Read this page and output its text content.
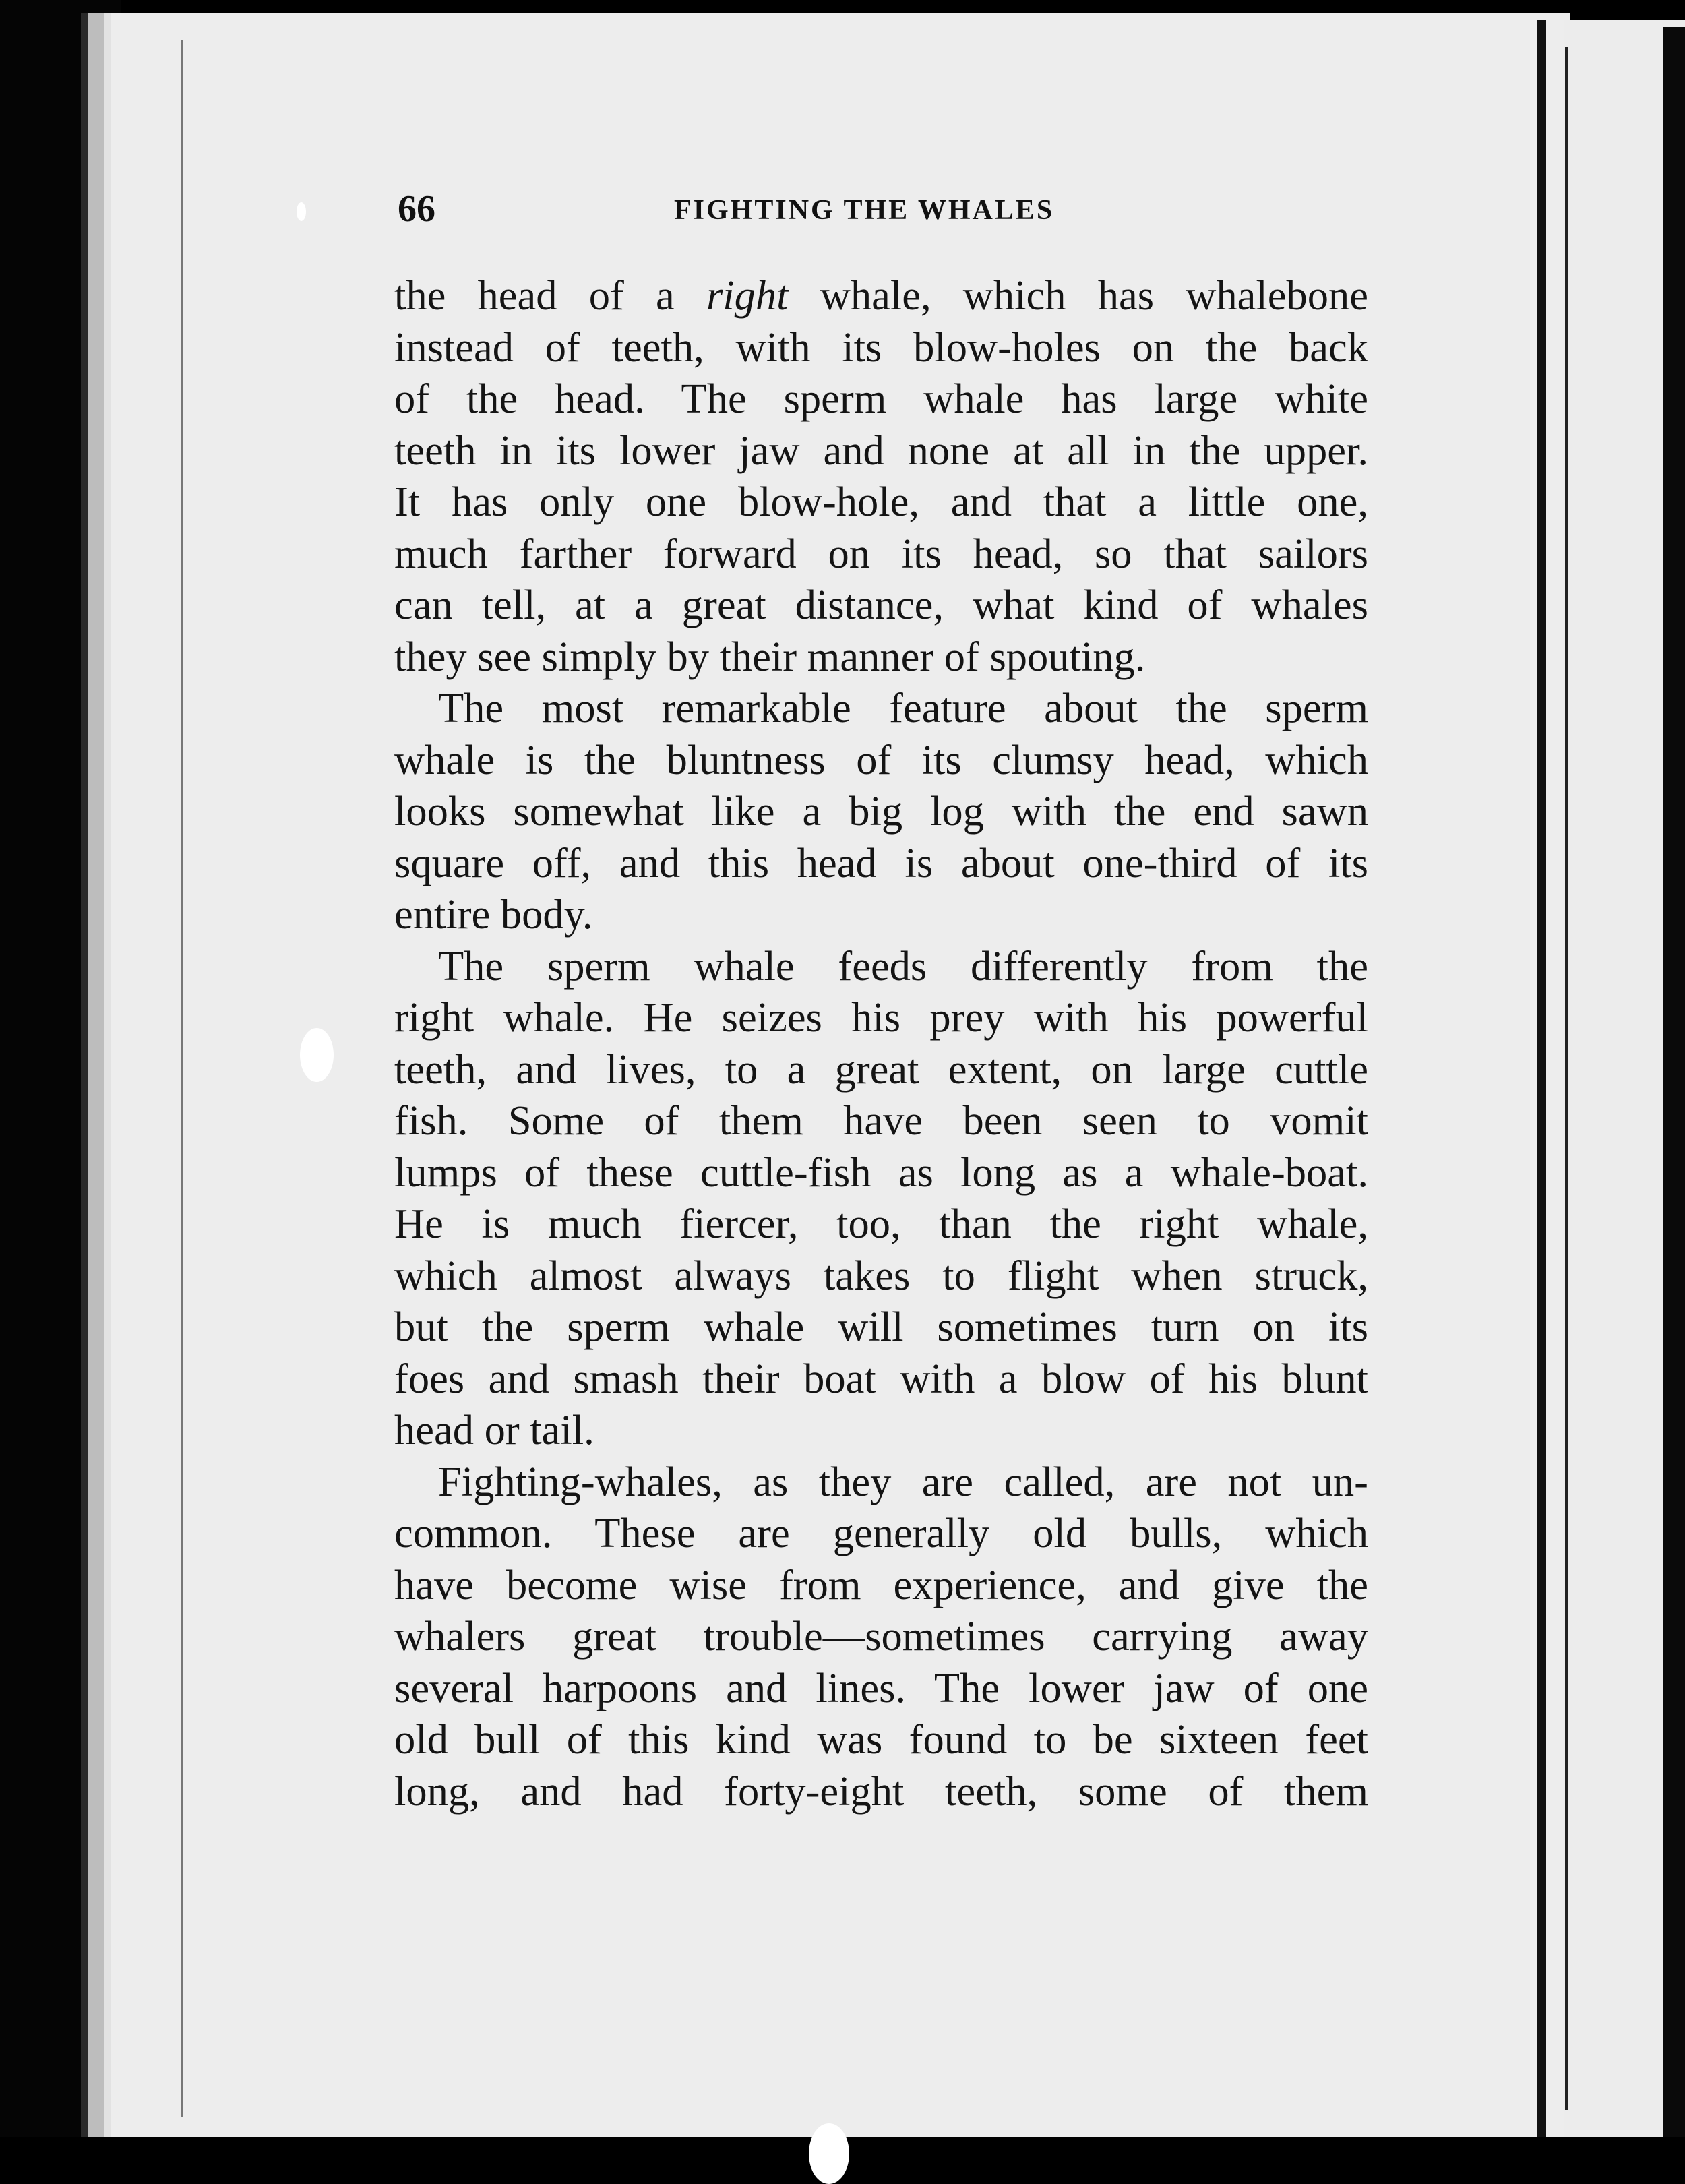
66	FIGHTING THE WHALES
the head of a right whale, which has whalebone
instead of teeth, with its blow-holes on the back
of the head. The sperm whale has large white
teeth in its lower jaw and none at all in the upper.
It has only one blow-hole, and that a little one,
much farther forward on its head, so that sailors
can tell, at a great distance, what kind of whales
they see simply by their manner of spouting.
The most remarkable feature about the sperm
whale is the bluntness of its clumsy head, which
looks somewhat like a big log with the end sawn
square off, and this head is about one-third of its
entire body.
The sperm whale feeds differently from the
right whale. He seizes his prey with his powerful
teeth, and lives, to a great extent, on large cuttle
fish. Some of them have been seen to vomit
lumps of these cuttle-fish as long as a whale-boat.
He is much fiercer, too, than the right whale,
which almost always takes to flight when struck,
but the sperm whale will sometimes turn on its
foes and smash their boat with a blow of his blunt
head or tail.
Fighting-whales, as they are called, are not un-
common. These are generally old bulls, which
have become wise from experience, and give the
whalers great trouble—sometimes carrying away
several harpoons and lines. The lower jaw of one
old bull of this kind was found to be sixteen feet
long, and had forty-eight teeth, some of them
